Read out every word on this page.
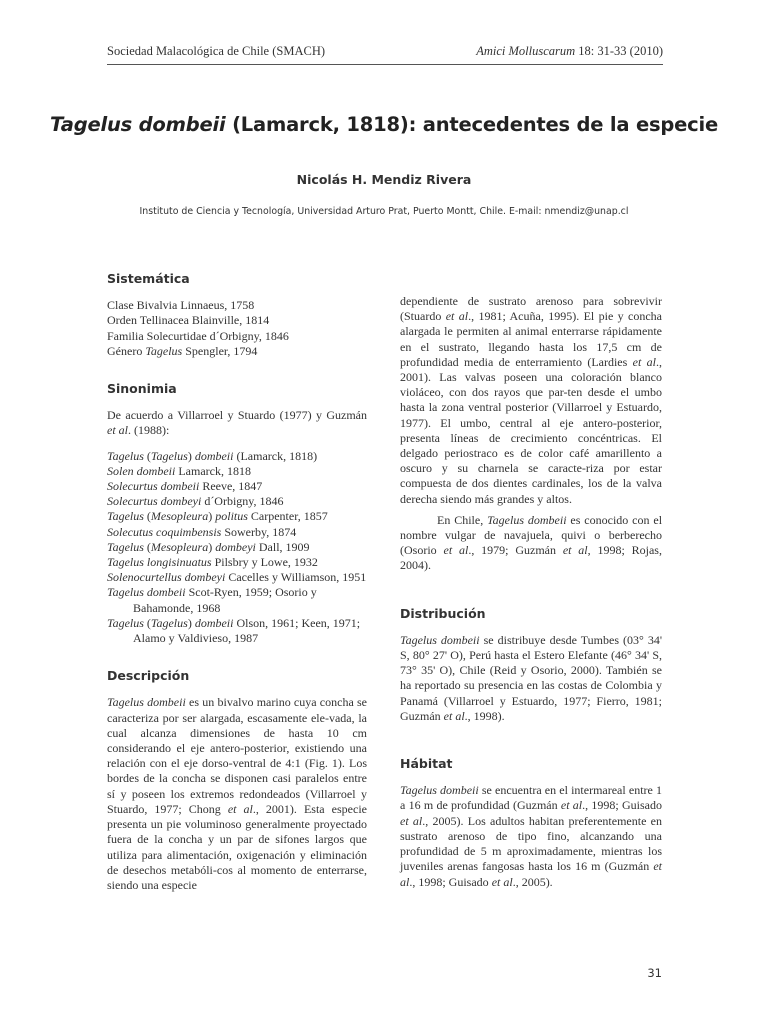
Sociedad Malacológica de Chile (SMACH)	Amici Molluscarum 18: 31-33 (2010)
Tagelus dombeii (Lamarck, 1818): antecedentes de la especie
Nicolás H. Mendiz Rivera
Instituto de Ciencia y Tecnología, Universidad Arturo Prat, Puerto Montt, Chile. E-mail: nmendiz@unap.cl
Sistemática
Clase Bivalvia Linnaeus, 1758
Orden Tellinacea Blainville, 1814
Familia Solecurtidae d´Orbigny, 1846
Género Tagelus Spengler, 1794
Sinonimia

De acuerdo a Villarroel y Stuardo (1977) y Guzmán et al. (1988):

Tagelus (Tagelus) dombeii (Lamarck, 1818)
Solen dombeii Lamarck, 1818
Solecurtus dombeii Reeve, 1847
Solecurtus dombeyi d´Orbigny, 1846
Tagelus (Mesopleura) politus Carpenter, 1857
Solecutus coquimbensis Sowerby, 1874
Tagelus (Mesopleura) dombeyi Dall, 1909
Tagelus longisinuatus Pilsbry y Lowe, 1932
Solenocurtellus dombeyi Cacelles y Williamson, 1951
Tagelus dombeii Scot-Ryen, 1959; Osorio y Bahamonde, 1968
Tagelus (Tagelus) dombeii Olson, 1961; Keen, 1971; Alamo y Valdivieso, 1987
Descripción

Tagelus dombeii es un bivalvo marino cuya concha se caracteriza por ser alargada, escasamente ele-vada, la cual alcanza dimensiones de hasta 10 cm considerando el eje antero-posterior, existiendo una relación con el eje dorso-ventral de 4:1 (Fig. 1). Los bordes de la concha se disponen casi paralelos entre sí y poseen los extremos redondeados (Villarroel y Stuardo, 1977; Chong et al., 2001). Esta especie presenta un pie voluminoso generalmente proyectado fuera de la concha y un par de sifones largos que utiliza para alimentación, oxigenación y eliminación de desechos metabóli-cos al momento de enterrarse, siendo una especie

dependiente de sustrato arenoso para sobrevivir (Stuardo et al., 1981; Acuña, 1995). El pie y concha alargada le permiten al animal enterrarse rápidamente en el sustrato, llegando hasta los 17,5 cm de profundidad media de enterramiento (Lardies et al., 2001). Las valvas poseen una coloración blanco violáceo, con dos rayos que par-ten desde el umbo hasta la zona ventral posterior (Villarroel y Estuardo, 1977). El umbo, central al eje antero-posterior, presenta líneas de crecimiento concéntricas. El delgado periostraco es de color café amarillento a oscuro y su charnela se caracte-riza por estar compuesta de dos dientes cardinales, los de la valva derecha siendo más grandes y altos.

En Chile, Tagelus dombeii es conocido con el nombre vulgar de navajuela, quivi o berberecho (Osorio et al., 1979; Guzmán et al, 1998; Rojas, 2004).

Distribución

Tagelus dombeii se distribuye desde Tumbes (03° 34' S, 80° 27' O), Perú hasta el Estero Elefante (46° 34' S, 73° 35' O), Chile (Reid y Osorio, 2000). También se ha reportado su presencia en las costas de Colombia y Panamá (Villarroel y Estuardo, 1977; Fierro, 1981; Guzmán et al., 1998).

Hábitat

Tagelus dombeii se encuentra en el intermareal entre 1 a 16 m de profundidad (Guzmán et al., 1998; Guisado et al., 2005). Los adultos habitan preferentemente en sustrato arenoso de tipo fino, alcanzando una profundidad de 5 m aproximadamente, mientras los juveniles arenas fangosas hasta los 16 m (Guzmán et al., 1998; Guisado et al., 2005).

31
